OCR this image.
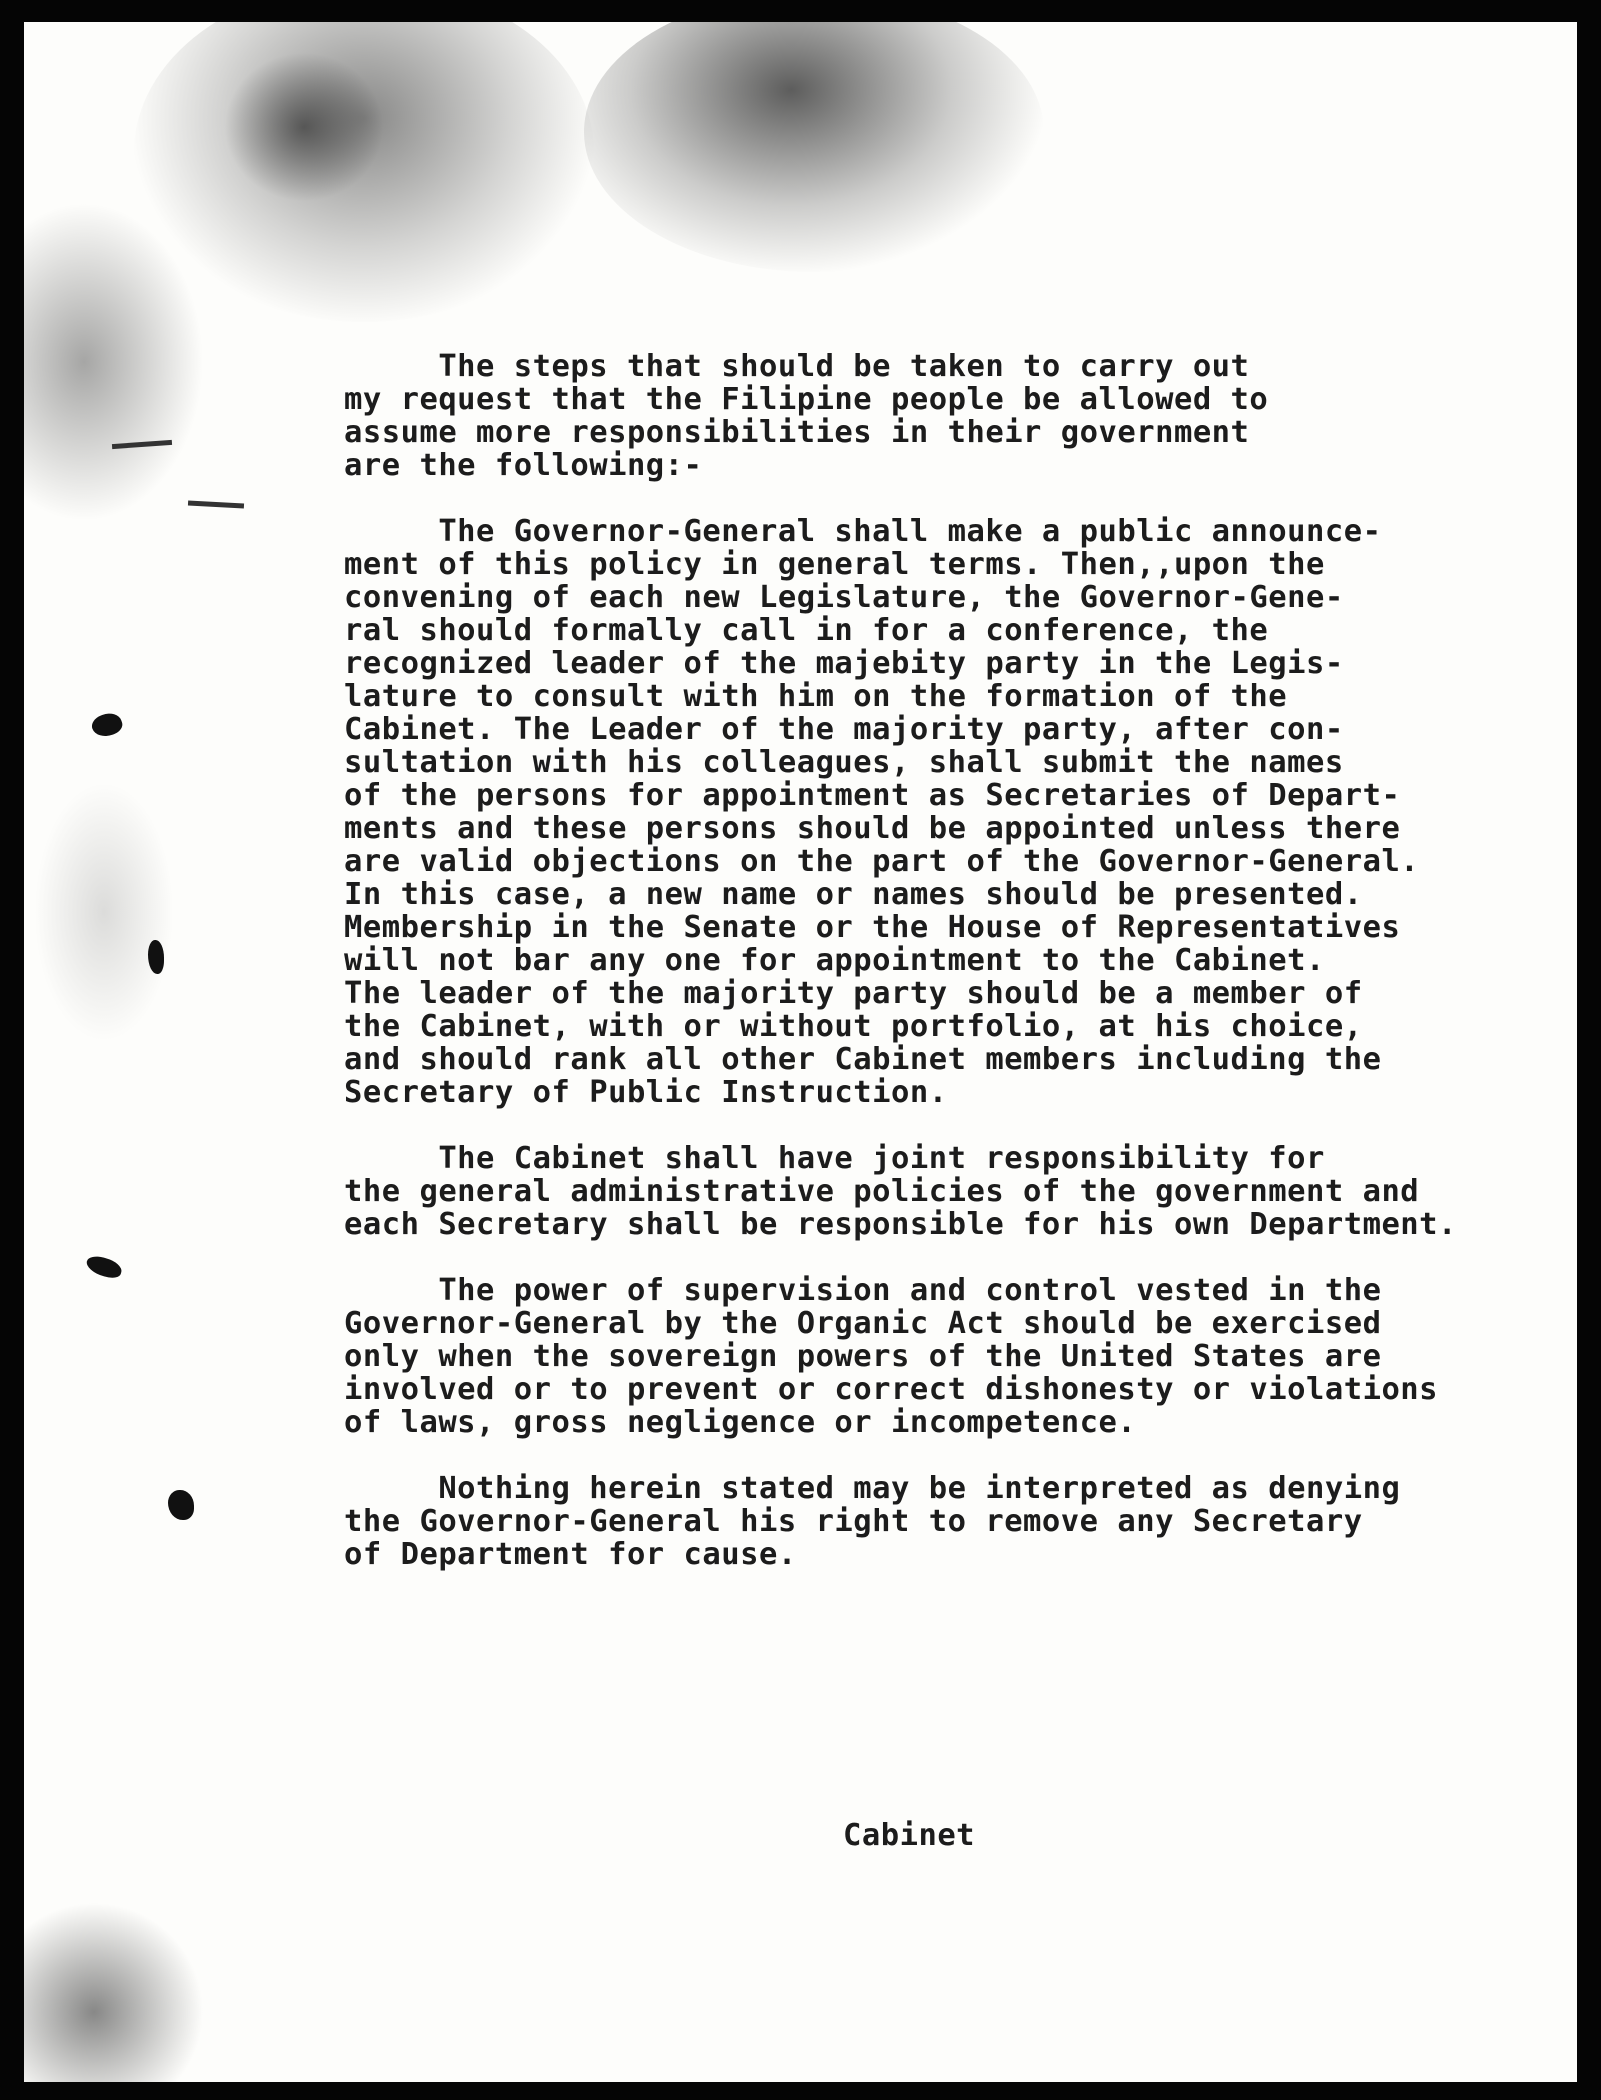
The steps that should be taken to carry out
my request that the Filipine people be allowed to
assume more responsibilities in their government
are the following:-
The Governor-General shall make a public announce-
ment of this policy in general terms. Then,,upon the
convening of each new Legislature, the Governor-Gene-
ral should formally call in for a conference, the
recognized leader of the majebity party in the Legis-
lature to consult with him on the formation of the
Cabinet. The Leader of the majority party, after con-
sultation with his colleagues, shall submit the names
of the persons for appointment as Secretaries of Depart-
ments and these persons should be appointed unless there
are valid objections on the part of the Governor-General.
In this case, a new name or names should be presented.
Membership in the Senate or the House of Representatives
will not bar any one for appointment to the Cabinet.
The leader of the majority party should be a member of
the Cabinet, with or without portfolio, at his choice,
and should rank all other Cabinet members including the
Secretary of Public Instruction.
The Cabinet shall have joint responsibility for
the general administrative policies of the government and
each Secretary shall be responsible for his own Department.
The power of supervision and control vested in the
Governor-General by the Organic Act should be exercised
only when the sovereign powers of the United States are
involved or to prevent or correct dishonesty or violations
of laws, gross negligence or incompetence.
Nothing herein stated may be interpreted as denying
the Governor-General his right to remove any Secretary
of Department for cause.
Cabinet
